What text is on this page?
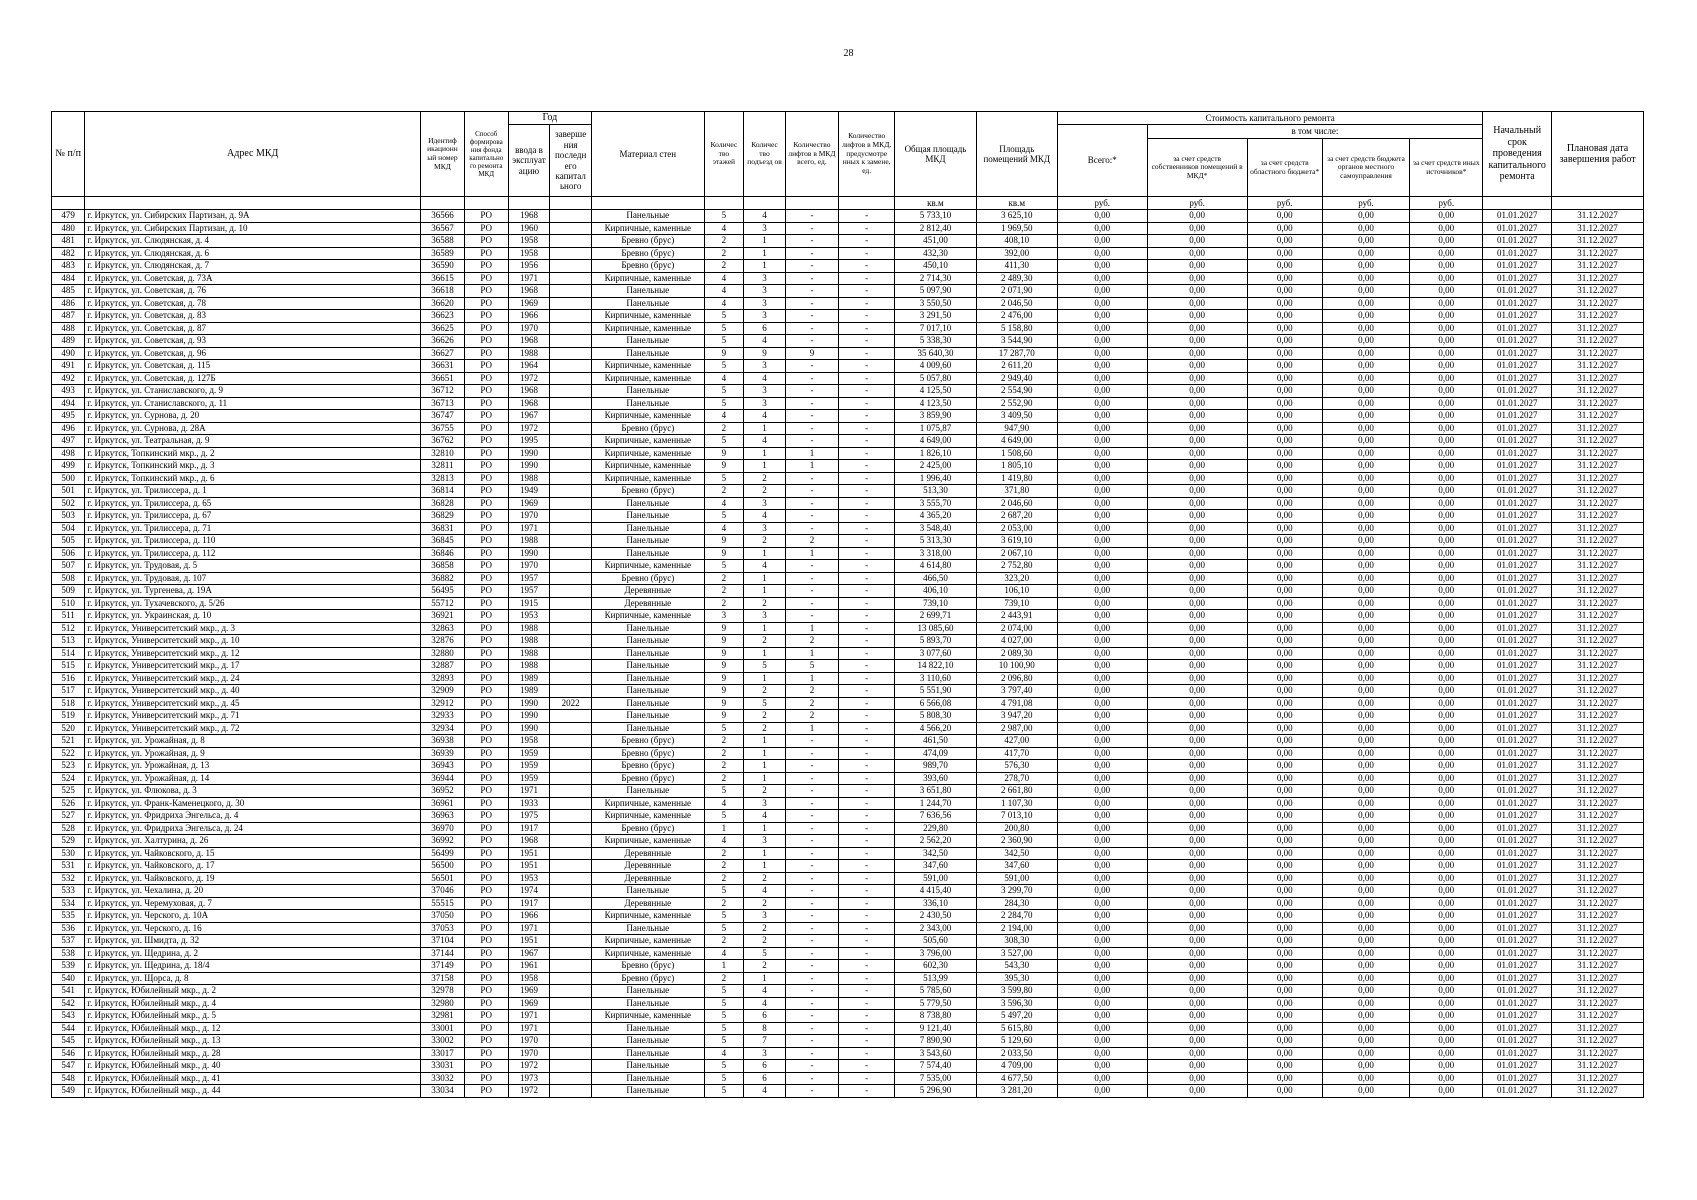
28
№ п/п	Адрес МКД	Идентиф икационн ый номер МКД	Способ формирова ния фонда капитально го ремонта МКД	Год		Материал стен	Количес тво этажей	Количес тво подъезд ов	Количество лифтов в МКД всего, ед.	Количество лифтов в МКД, предусмотре нных к замене, ед.	Общая площадь МКД	Площадь помещений МКД	Стоимость капитального ремонта					Начальный срок проведения капитального ремонта	Плановая дата завершения работ
				ввода в эксплуат ацию	заверше ния последн его капитал ьного								Всего:*	в том числе:					
														за счет средств собственников помещений в МКД*	за счет средств областного бюджета*	за счет средств бюджета органов местного самоуправления	за счет средств иных источников*		
											кв.м	кв.м	руб.	руб.	руб.	руб.	руб.		
479	г. Иркутск, ул. Сибирских Партизан, д. 9А	36566	РО	1968		Панельные	5	4	-	-	5 733,10	3 625,10	0,00	0,00	0,00	0,00	0,00	01.01.2027	31.12.2027
480	г. Иркутск, ул. Сибирских Партизан, д. 10	36567	РО	1960		Кирпичные, каменные	4	3	-	-	2 812,40	1 969,50	0,00	0,00	0,00	0,00	0,00	01.01.2027	31.12.2027
481	г. Иркутск, ул. Слюдянская, д. 4	36588	РО	1958		Бревно (брус)	2	1	-	-	451,00	408,10	0,00	0,00	0,00	0,00	0,00	01.01.2027	31.12.2027
482	г. Иркутск, ул. Слюдянская, д. 6	36589	РО	1958		Бревно (брус)	2	1	-	-	432,30	392,00	0,00	0,00	0,00	0,00	0,00	01.01.2027	31.12.2027
483	г. Иркутск, ул. Слюдянская, д. 7	36590	РО	1956		Бревно (брус)	2	1	-	-	450,10	411,30	0,00	0,00	0,00	0,00	0,00	01.01.2027	31.12.2027
484	г. Иркутск, ул. Советская, д. 73А	36615	РО	1971		Кирпичные, каменные	4	3	-	-	2 714,30	2 489,30	0,00	0,00	0,00	0,00	0,00	01.01.2027	31.12.2027
485	г. Иркутск, ул. Советская, д. 76	36618	РО	1968		Панельные	4	3	-	-	5 097,90	2 071,90	0,00	0,00	0,00	0,00	0,00	01.01.2027	31.12.2027
486	г. Иркутск, ул. Советская, д. 78	36620	РО	1969		Панельные	4	3	-	-	3 550,50	2 046,50	0,00	0,00	0,00	0,00	0,00	01.01.2027	31.12.2027
487	г. Иркутск, ул. Советская, д. 83	36623	РО	1966		Кирпичные, каменные	5	3	-	-	3 291,50	2 476,00	0,00	0,00	0,00	0,00	0,00	01.01.2027	31.12.2027
488	г. Иркутск, ул. Советская, д. 87	36625	РО	1970		Кирпичные, каменные	5	6	-	-	7 017,10	5 158,80	0,00	0,00	0,00	0,00	0,00	01.01.2027	31.12.2027
489	г. Иркутск, ул. Советская, д. 93	36626	РО	1968		Панельные	5	4	-	-	5 338,30	3 544,90	0,00	0,00	0,00	0,00	0,00	01.01.2027	31.12.2027
490	г. Иркутск, ул. Советская, д. 96	36627	РО	1988		Панельные	9	9	9	-	35 640,30	17 287,70	0,00	0,00	0,00	0,00	0,00	01.01.2027	31.12.2027
491	г. Иркутск, ул. Советская, д. 115	36631	РО	1964		Кирпичные, каменные	5	3	-	-	4 009,60	2 611,20	0,00	0,00	0,00	0,00	0,00	01.01.2027	31.12.2027
492	г. Иркутск, ул. Советская, д. 127Б	36651	РО	1972		Кирпичные, каменные	4	4	-	-	5 057,80	2 949,40	0,00	0,00	0,00	0,00	0,00	01.01.2027	31.12.2027
493	г. Иркутск, ул. Станиславского, д. 9	36712	РО	1968		Панельные	5	3	-	-	4 125,50	2 554,90	0,00	0,00	0,00	0,00	0,00	01.01.2027	31.12.2027
494	г. Иркутск, ул. Станиславского, д. 11	36713	РО	1968		Панельные	5	3	-	-	4 123,50	2 552,90	0,00	0,00	0,00	0,00	0,00	01.01.2027	31.12.2027
495	г. Иркутск, ул. Сурнова, д. 20	36747	РО	1967		Кирпичные, каменные	4	4	-	-	3 859,90	3 409,50	0,00	0,00	0,00	0,00	0,00	01.01.2027	31.12.2027
496	г. Иркутск, ул. Сурнова, д. 28А	36755	РО	1972		Бревно (брус)	2	1	-	-	1 075,87	947,90	0,00	0,00	0,00	0,00	0,00	01.01.2027	31.12.2027
497	г. Иркутск, ул. Театральная, д. 9	36762	РО	1995		Кирпичные, каменные	5	4	-	-	4 649,00	4 649,00	0,00	0,00	0,00	0,00	0,00	01.01.2027	31.12.2027
498	г. Иркутск, Топкинский мкр., д. 2	32810	РО	1990		Кирпичные, каменные	9	1	1	-	1 826,10	1 508,60	0,00	0,00	0,00	0,00	0,00	01.01.2027	31.12.2027
499	г. Иркутск, Топкинский мкр., д. 3	32811	РО	1990		Кирпичные, каменные	9	1	1	-	2 425,00	1 805,10	0,00	0,00	0,00	0,00	0,00	01.01.2027	31.12.2027
500	г. Иркутск, Топкинский мкр., д. 6	32813	РО	1988		Кирпичные, каменные	5	2	-	-	1 996,40	1 419,80	0,00	0,00	0,00	0,00	0,00	01.01.2027	31.12.2027
501	г. Иркутск, ул. Трилиссера, д. 1	36814	РО	1949		Бревно (брус)	2	2	-	-	513,30	371,80	0,00	0,00	0,00	0,00	0,00	01.01.2027	31.12.2027
502	г. Иркутск, ул. Трилиссера, д. 65	36828	РО	1969		Панельные	4	3	-	-	3 555,70	2 046,60	0,00	0,00	0,00	0,00	0,00	01.01.2027	31.12.2027
503	г. Иркутск, ул. Трилиссера, д. 67	36829	РО	1970		Панельные	5	4	-	-	4 365,20	2 687,20	0,00	0,00	0,00	0,00	0,00	01.01.2027	31.12.2027
504	г. Иркутск, ул. Трилиссера, д. 71	36831	РО	1971		Панельные	4	3	-	-	3 548,40	2 053,00	0,00	0,00	0,00	0,00	0,00	01.01.2027	31.12.2027
505	г. Иркутск, ул. Трилиссера, д. 110	36845	РО	1988		Панельные	9	2	2	-	5 313,30	3 619,10	0,00	0,00	0,00	0,00	0,00	01.01.2027	31.12.2027
506	г. Иркутск, ул. Трилиссера, д. 112	36846	РО	1990		Панельные	9	1	1	-	3 318,00	2 067,10	0,00	0,00	0,00	0,00	0,00	01.01.2027	31.12.2027
507	г. Иркутск, ул. Трудовая, д. 5	36858	РО	1970		Кирпичные, каменные	5	4	-	-	4 614,80	2 752,80	0,00	0,00	0,00	0,00	0,00	01.01.2027	31.12.2027
508	г. Иркутск, ул. Трудовая, д. 107	36882	РО	1957		Бревно (брус)	2	1	-	-	466,50	323,20	0,00	0,00	0,00	0,00	0,00	01.01.2027	31.12.2027
509	г. Иркутск, ул. Тургенева, д. 19А	56495	РО	1957		Деревянные	2	1	-	-	406,10	106,10	0,00	0,00	0,00	0,00	0,00	01.01.2027	31.12.2027
510	г. Иркутск, ул. Тухачевского, д. 5/26	55712	РО	1915		Деревянные	2	2	-	-	739,10	739,10	0,00	0,00	0,00	0,00	0,00	01.01.2027	31.12.2027
511	г. Иркутск, ул. Украинская, д. 10	36921	РО	1953		Кирпичные, каменные	3	3	-	-	2 699,71	2 443,91	0,00	0,00	0,00	0,00	0,00	01.01.2027	31.12.2027
512	г. Иркутск, Университетский мкр., д. 3	32863	РО	1988		Панельные	9	1	1	-	13 085,60	2 074,00	0,00	0,00	0,00	0,00	0,00	01.01.2027	31.12.2027
513	г. Иркутск, Университетский мкр., д. 10	32876	РО	1988		Панельные	9	2	2	-	5 893,70	4 027,00	0,00	0,00	0,00	0,00	0,00	01.01.2027	31.12.2027
514	г. Иркутск, Университетский мкр., д. 12	32880	РО	1988		Панельные	9	1	1	-	3 077,60	2 089,30	0,00	0,00	0,00	0,00	0,00	01.01.2027	31.12.2027
515	г. Иркутск, Университетский мкр., д. 17	32887	РО	1988		Панельные	9	5	5	-	14 822,10	10 100,90	0,00	0,00	0,00	0,00	0,00	01.01.2027	31.12.2027
516	г. Иркутск, Университетский мкр., д. 24	32893	РО	1989		Панельные	9	1	1	-	3 110,60	2 096,80	0,00	0,00	0,00	0,00	0,00	01.01.2027	31.12.2027
517	г. Иркутск, Университетский мкр., д. 40	32909	РО	1989		Панельные	9	2	2	-	5 551,90	3 797,40	0,00	0,00	0,00	0,00	0,00	01.01.2027	31.12.2027
518	г. Иркутск, Университетский мкр., д. 45	32912	РО	1990	2022	Панельные	9	5	2	-	6 566,08	4 791,08	0,00	0,00	0,00	0,00	0,00	01.01.2027	31.12.2027
519	г. Иркутск, Университетский мкр., д. 71	32933	РО	1990		Панельные	9	2	2	-	5 808,30	3 947,20	0,00	0,00	0,00	0,00	0,00	01.01.2027	31.12.2027
520	г. Иркутск, Университетский мкр., д. 72	32934	РО	1990		Панельные	5	2	1	-	4 566,20	2 987,00	0,00	0,00	0,00	0,00	0,00	01.01.2027	31.12.2027
521	г. Иркутск, ул. Урожайная, д. 8	36938	РО	1958		Бревно (брус)	2	1	-	-	461,50	427,00	0,00	0,00	0,00	0,00	0,00	01.01.2027	31.12.2027
522	г. Иркутск, ул. Урожайная, д. 9	36939	РО	1959		Бревно (брус)	2	1	-	-	474,09	417,70	0,00	0,00	0,00	0,00	0,00	01.01.2027	31.12.2027
523	г. Иркутск, ул. Урожайная, д. 13	36943	РО	1959		Бревно (брус)	2	1	-	-	989,70	576,30	0,00	0,00	0,00	0,00	0,00	01.01.2027	31.12.2027
524	г. Иркутск, ул. Урожайная, д. 14	36944	РО	1959		Бревно (брус)	2	1	-	-	393,60	278,70	0,00	0,00	0,00	0,00	0,00	01.01.2027	31.12.2027
525	г. Иркутск, ул. Флюкова, д. 3	36952	РО	1971		Панельные	5	2	-	-	3 651,80	2 661,80	0,00	0,00	0,00	0,00	0,00	01.01.2027	31.12.2027
526	г. Иркутск, ул. Франк-Каменецкого, д. 30	36961	РО	1933		Кирпичные, каменные	4	3	-	-	1 244,70	1 107,30	0,00	0,00	0,00	0,00	0,00	01.01.2027	31.12.2027
527	г. Иркутск, ул. Фридриха Энгельса, д. 4	36963	РО	1975		Кирпичные, каменные	5	4	-	-	7 636,56	7 013,10	0,00	0,00	0,00	0,00	0,00	01.01.2027	31.12.2027
528	г. Иркутск, ул. Фридриха Энгельса, д. 24	36970	РО	1917		Бревно (брус)	1	1	-	-	229,80	200,80	0,00	0,00	0,00	0,00	0,00	01.01.2027	31.12.2027
529	г. Иркутск, ул. Халтурина, д. 26	36992	РО	1968		Кирпичные, каменные	4	3	-	-	2 562,20	2 360,90	0,00	0,00	0,00	0,00	0,00	01.01.2027	31.12.2027
530	г. Иркутск, ул. Чайковского, д. 15	56499	РО	1951		Деревянные	2	1	-	-	342,50	342,50	0,00	0,00	0,00	0,00	0,00	01.01.2027	31.12.2027
531	г. Иркутск, ул. Чайковского, д. 17	56500	РО	1951		Деревянные	2	1	-	-	347,60	347,60	0,00	0,00	0,00	0,00	0,00	01.01.2027	31.12.2027
532	г. Иркутск, ул. Чайковского, д. 19	56501	РО	1953		Деревянные	2	2	-	-	591,00	591,00	0,00	0,00	0,00	0,00	0,00	01.01.2027	31.12.2027
533	г. Иркутск, ул. Чехалина, д. 20	37046	РО	1974		Панельные	5	4	-	-	4 415,40	3 299,70	0,00	0,00	0,00	0,00	0,00	01.01.2027	31.12.2027
534	г. Иркутск, ул. Черемуховая, д. 7	55515	РО	1917		Деревянные	2	2	-	-	336,10	284,30	0,00	0,00	0,00	0,00	0,00	01.01.2027	31.12.2027
535	г. Иркутск, ул. Черского, д. 10А	37050	РО	1966		Кирпичные, каменные	5	3	-	-	2 430,50	2 284,70	0,00	0,00	0,00	0,00	0,00	01.01.2027	31.12.2027
536	г. Иркутск, ул. Черского, д. 16	37053	РО	1971		Панельные	5	2	-	-	2 343,00	2 194,00	0,00	0,00	0,00	0,00	0,00	01.01.2027	31.12.2027
537	г. Иркутск, ул. Шмидта, д. 32	37104	РО	1951		Кирпичные, каменные	2	2	-	-	505,60	308,30	0,00	0,00	0,00	0,00	0,00	01.01.2027	31.12.2027
538	г. Иркутск, ул. Щедрина, д. 2	37144	РО	1967		Кирпичные, каменные	4	5	-	-	3 796,00	3 527,00	0,00	0,00	0,00	0,00	0,00	01.01.2027	31.12.2027
539	г. Иркутск, ул. Щедрина, д. 18/4	37149	РО	1961		Бревно (брус)	1	2	-	-	602,30	543,30	0,00	0,00	0,00	0,00	0,00	01.01.2027	31.12.2027
540	г. Иркутск, ул. Щорса, д. 8	37158	РО	1958		Бревно (брус)	2	1	-	-	513,99	395,30	0,00	0,00	0,00	0,00	0,00	01.01.2027	31.12.2027
541	г. Иркутск, Юбилейный мкр., д. 2	32978	РО	1969		Панельные	5	4	-	-	5 785,60	3 599,80	0,00	0,00	0,00	0,00	0,00	01.01.2027	31.12.2027
542	г. Иркутск, Юбилейный мкр., д. 4	32980	РО	1969		Панельные	5	4	-	-	5 779,50	3 596,30	0,00	0,00	0,00	0,00	0,00	01.01.2027	31.12.2027
543	г. Иркутск, Юбилейный мкр., д. 5	32981	РО	1971		Кирпичные, каменные	5	6	-	-	8 738,80	5 497,20	0,00	0,00	0,00	0,00	0,00	01.01.2027	31.12.2027
544	г. Иркутск, Юбилейный мкр., д. 12	33001	РО	1971		Панельные	5	8	-	-	9 121,40	5 615,80	0,00	0,00	0,00	0,00	0,00	01.01.2027	31.12.2027
545	г. Иркутск, Юбилейный мкр., д. 13	33002	РО	1970		Панельные	5	7	-	-	7 890,90	5 129,60	0,00	0,00	0,00	0,00	0,00	01.01.2027	31.12.2027
546	г. Иркутск, Юбилейный мкр., д. 28	33017	РО	1970		Панельные	4	3	-	-	3 543,60	2 033,50	0,00	0,00	0,00	0,00	0,00	01.01.2027	31.12.2027
547	г. Иркутск, Юбилейный мкр., д. 40	33031	РО	1972		Панельные	5	6	-	-	7 574,40	4 709,00	0,00	0,00	0,00	0,00	0,00	01.01.2027	31.12.2027
548	г. Иркутск, Юбилейный мкр., д. 41	33032	РО	1973		Панельные	5	6	-	-	7 535,00	4 677,50	0,00	0,00	0,00	0,00	0,00	01.01.2027	31.12.2027
549	г. Иркутск, Юбилейный мкр., д. 44	33034	РО	1972		Панельные	5	4	-	-	5 296,90	3 281,20	0,00	0,00	0,00	0,00	0,00	01.01.2027	31.12.2027
